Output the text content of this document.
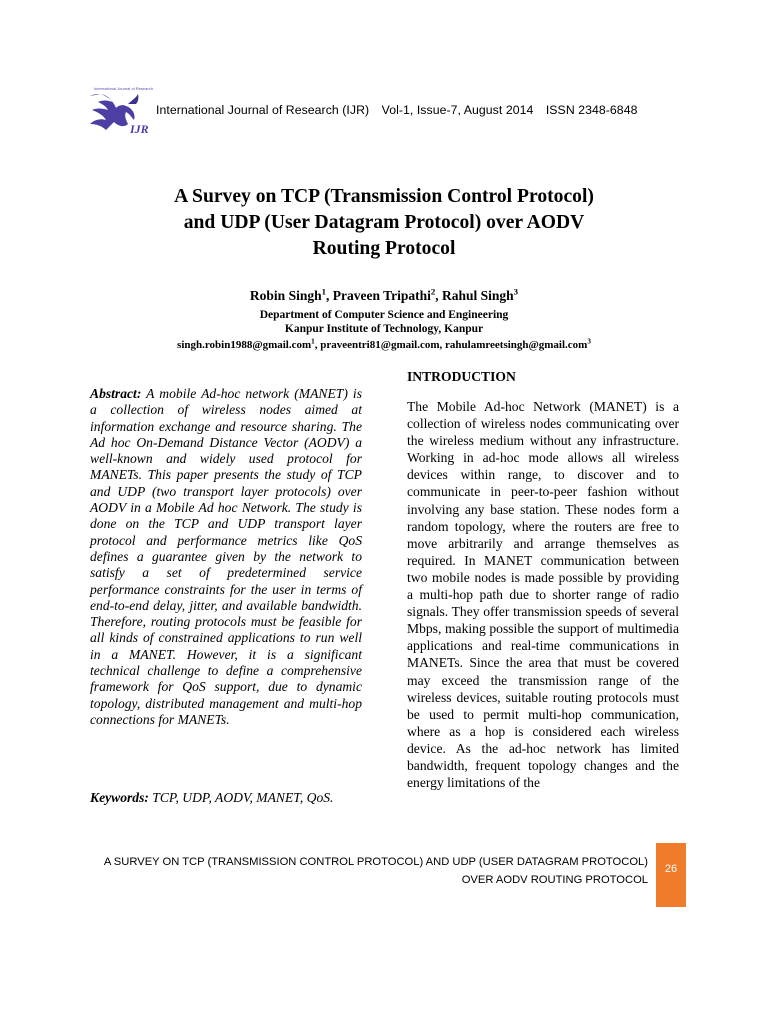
International Journal of Research
IJR
International Journal of Research (IJR) Vol-1, Issue-7, August 2014 ISSN 2348-6848
A Survey on TCP (Transmission Control Protocol)
and UDP (User Datagram Protocol) over AODV
Routing Protocol
Robin Singh$^1$, Praveen Tripathi$^2$, Rahul Singh$^3$
Department of Computer Science and Engineering
Kanpur Institute of Technology, Kanpur
singh.robin1988@gmail.com$^1$, praveentri81@gmail.com, rahulamreetsingh@gmail.com$^3$

Abstract: A mobile Ad-hoc network (MANET) is a collection of wireless nodes aimed at information exchange and resource sharing. The Ad hoc On-Demand Distance Vector (AODV) a well-known and widely used protocol for MANETs. This paper presents the study of TCP and UDP (two transport layer protocols) over AODV in a Mobile Ad hoc Network. The study is done on the TCP and UDP transport layer protocol and performance metrics like QoS defines a guarantee given by the network to satisfy a set of predetermined service performance constraints for the user in terms of end-to-end delay, jitter, and available bandwidth. Therefore, routing protocols must be feasible for all kinds of constrained applications to run well in a MANET. However, it is a significant technical challenge to define a comprehensive framework for QoS support, due to dynamic topology, distributed management and multi-hop connections for MANETs.

Keywords: TCP, UDP, AODV, MANET, QoS.

INTRODUCTION

The Mobile Ad-hoc Network (MANET) is a collection of wireless nodes communicating over the wireless medium without any infrastructure. Working in ad-hoc mode allows all wireless devices within range, to discover and to communicate in peer-to-peer fashion without involving any base station. These nodes form a random topology, where the routers are free to move arbitrarily and arrange themselves as required. In MANET communication between two mobile nodes is made possible by providing a multi-hop path due to shorter range of radio signals. They offer transmission speeds of several Mbps, making possible the support of multimedia applications and real-time communications in MANETs. Since the area that must be covered may exceed the transmission range of the wireless devices, suitable routing protocols must be used to permit multi-hop communication, where as a hop is considered each wireless device. As the ad-hoc network has limited bandwidth, frequent topology changes and the energy limitations of the

A SURVEY ON TCP (TRANSMISSION CONTROL PROTOCOL) AND UDP (USER DATAGRAM PROTOCOL)
OVER AODV ROUTING PROTOCOL
26
